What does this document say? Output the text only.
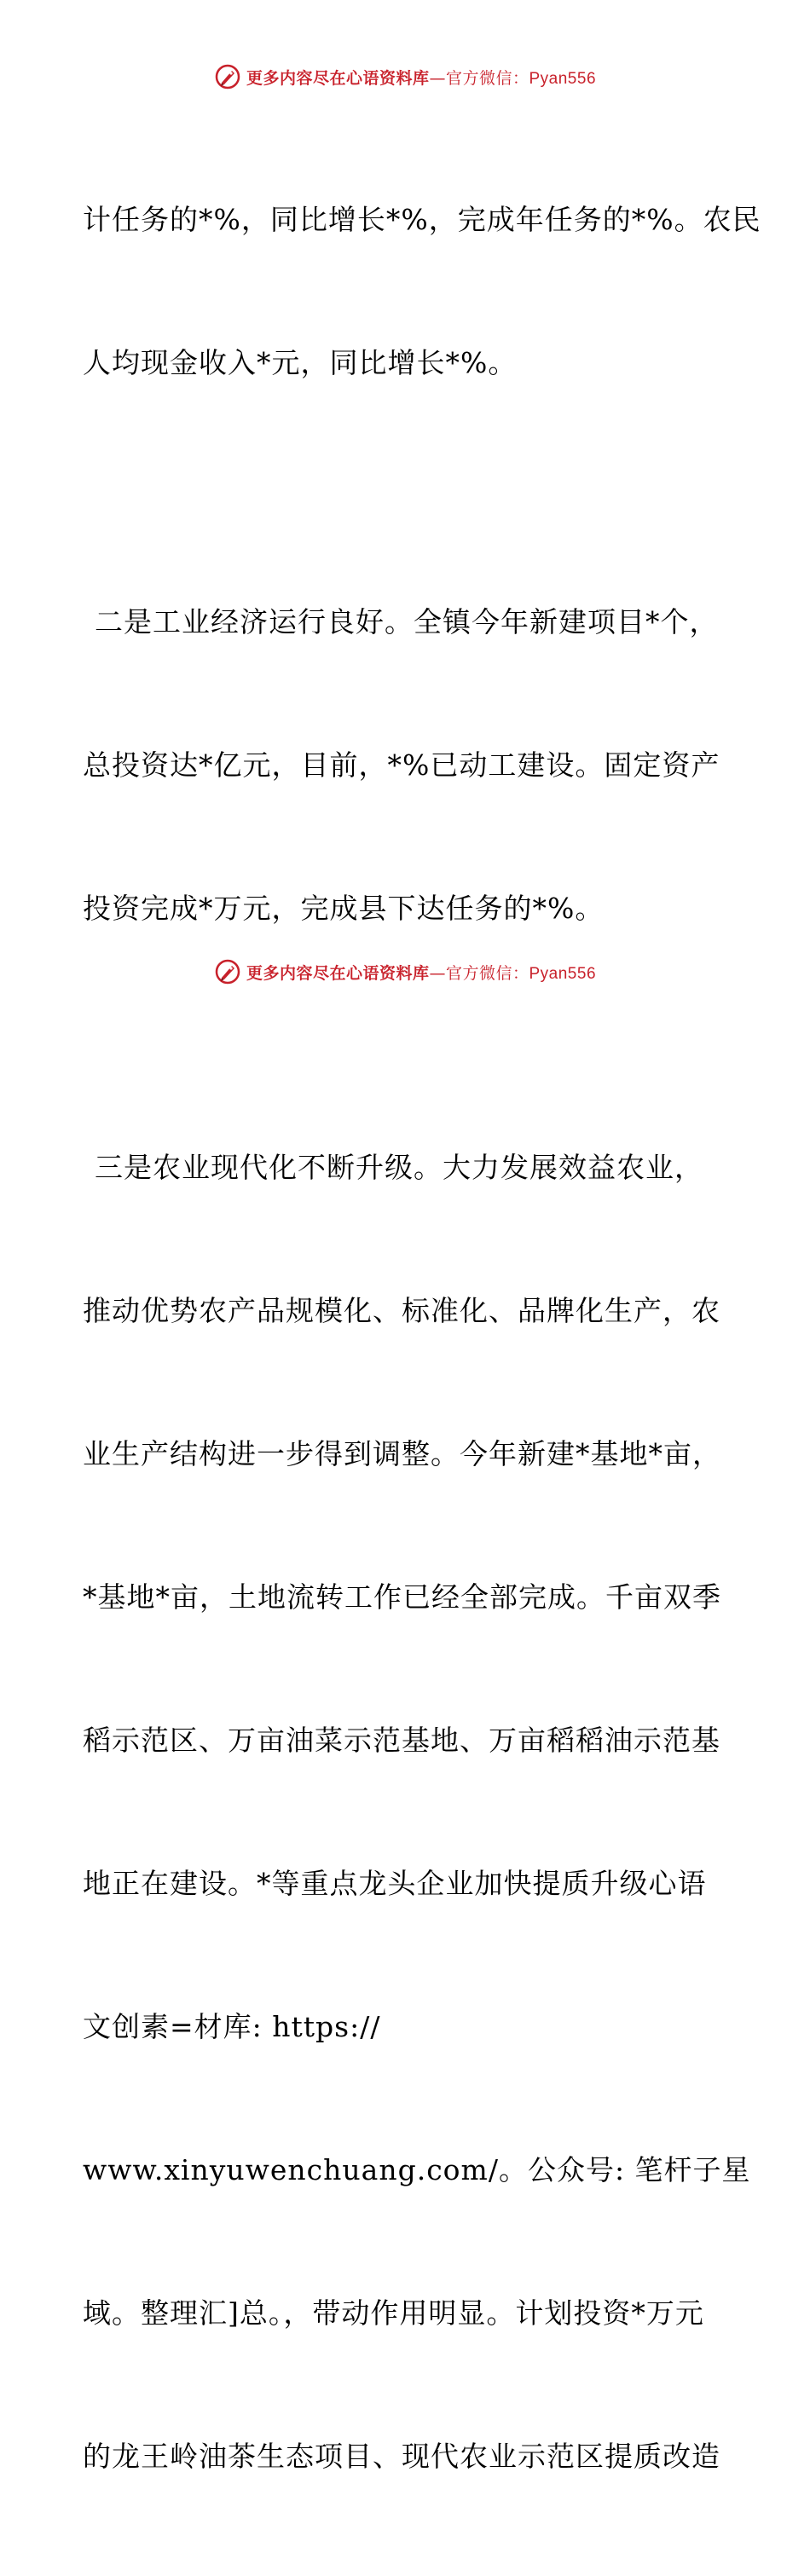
更多内容尽在心语资料库—官方微信：Pyan556

计任务的*%，同比增长*%，完成年任务的*%。农民

人均现金收入*元，同比增长*%。

二是工业经济运行良好。全镇今年新建项目*个，

总投资达*亿元，目前，*%已动工建设。固定资产

投资完成*万元，完成县下达任务的*%。

三是农业现代化不断升级。大力发展效益农业，

推动优势农产品规模化、标准化、品牌化生产，农

业生产结构进一步得到调整。今年新建*基地*亩，

*基地*亩，土地流转工作已经全部完成。千亩双季

稻示范区、万亩油菜示范基地、万亩稻稻油示范基

地正在建设。*等重点龙头企业加快提质升级心语

文创素=材库: https://

www.xinyuwenchuang.com/。公众号: 笔杆子星

域。整理汇]总。，带动作用明显。计划投资*万元

的龙王岭油茶生态项目、现代农业示范区提质改造

更多内容尽在心语资料库—官方微信：Pyan556
